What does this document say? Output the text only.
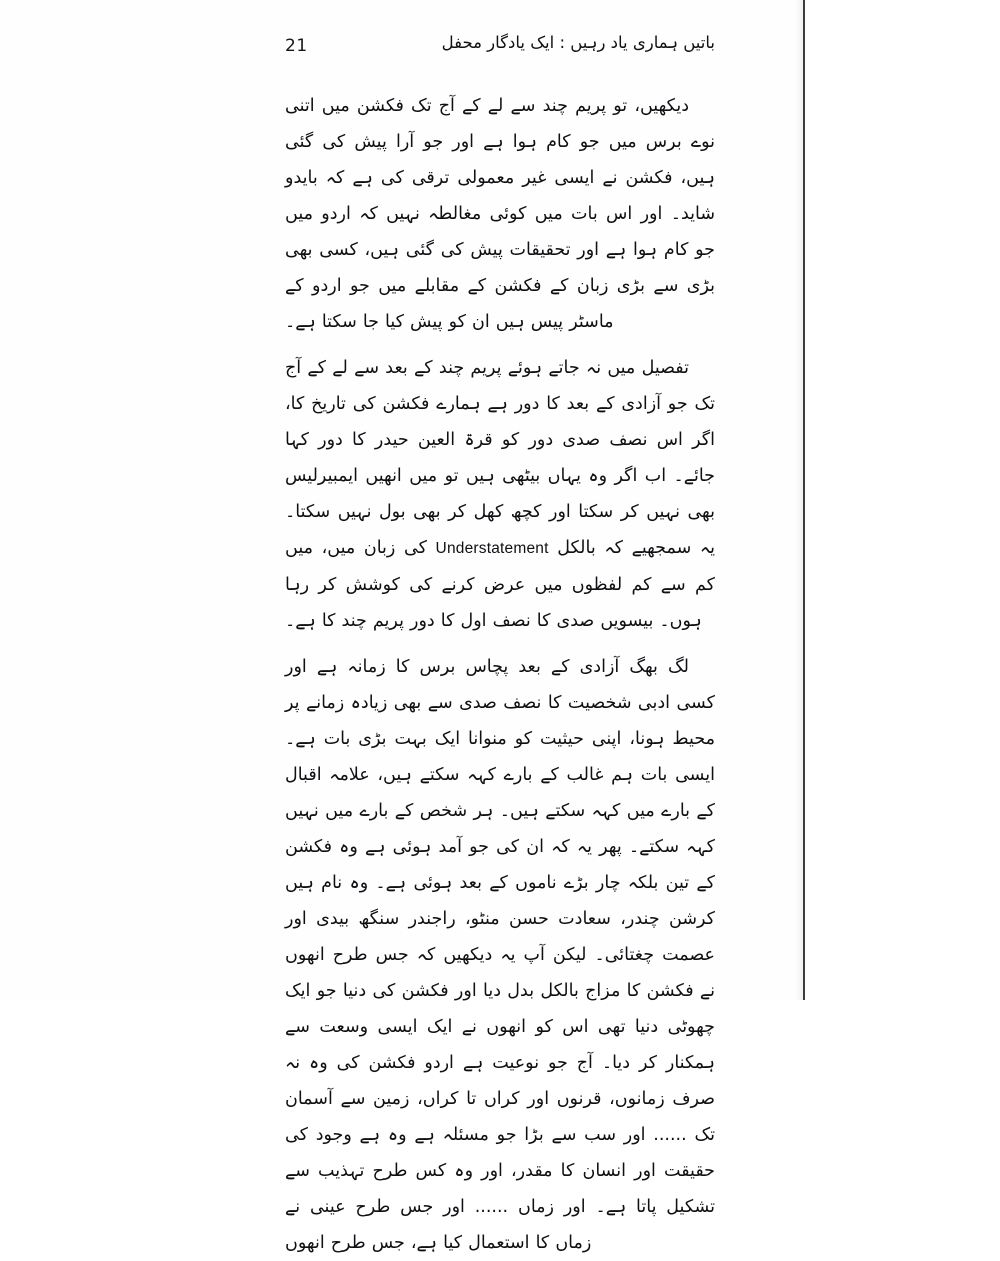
21	باتیں ہماری یاد رہیں : ایک یادگار محفل

دیکھیں، تو پریم چند سے لے کے آج تک فکشن میں اتنی نوے برس میں جو کام ہوا ہے اور جو آرا پیش کی گئی ہیں، فکشن نے ایسی غیر معمولی ترقی کی ہے کہ بایدو شاید۔ اور اس بات میں کوئی مغالطہ نہیں کہ اردو میں جو کام ہوا ہے اور تحقیقات پیش کی گئی ہیں، کسی بھی بڑی سے بڑی زبان کے فکشن کے مقابلے میں جو اردو کے ماسٹر پیس ہیں ان کو پیش کیا جا سکتا ہے۔

تفصیل میں نہ جاتے ہوئے پریم چند کے بعد سے لے کے آج تک جو آزادی کے بعد کا دور ہے ہمارے فکشن کی تاریخ کا، اگر اس نصف صدی دور کو قرۃ العین حیدر کا دور کہا جائے۔ اب اگر وہ یہاں بیٹھی ہیں تو میں انھیں ایمبیرلیس بھی نہیں کر سکتا اور کچھ کھل کر بھی بول نہیں سکتا۔ یہ سمجھیے کہ بالکل Understatement کی زبان میں، میں کم سے کم لفظوں میں عرض کرنے کی کوشش کر رہا ہوں۔ بیسویں صدی کا نصف اول کا دور پریم چند کا ہے۔

لگ بھگ آزادی کے بعد پچاس برس کا زمانہ ہے اور کسی ادبی شخصیت کا نصف صدی سے بھی زیادہ زمانے پر محیط ہونا، اپنی حیثیت کو منوانا ایک بہت بڑی بات ہے۔ ایسی بات ہم غالب کے بارے کہہ سکتے ہیں، علامہ اقبال کے بارے میں کہہ سکتے ہیں۔ ہر شخص کے بارے میں نہیں کہہ سکتے۔ پھر یہ کہ ان کی جو آمد ہوئی ہے وہ فکشن کے تین بلکہ چار بڑے ناموں کے بعد ہوئی ہے۔ وہ نام ہیں کرشن چندر، سعادت حسن منٹو، راجندر سنگھ بیدی اور عصمت چغتائی۔ لیکن آپ یہ دیکھیں کہ جس طرح انھوں نے فکشن کا مزاج بالکل بدل دیا اور فکشن کی دنیا جو ایک چھوٹی دنیا تھی اس کو انھوں نے ایک ایسی وسعت سے ہمکنار کر دیا۔ آج جو نوعیت ہے اردو فکشن کی وہ نہ صرف زمانوں، قرنوں اور کراں تا کراں، زمین سے آسمان تک ...... اور سب سے بڑا جو مسئلہ ہے وہ ہے وجود کی حقیقت اور انسان کا مقدر، اور وہ کس طرح تہذیب سے تشکیل پاتا ہے۔ اور زماں ...... اور جس طرح عینی نے زماں کا استعمال کیا ہے، جس طرح انھوں
